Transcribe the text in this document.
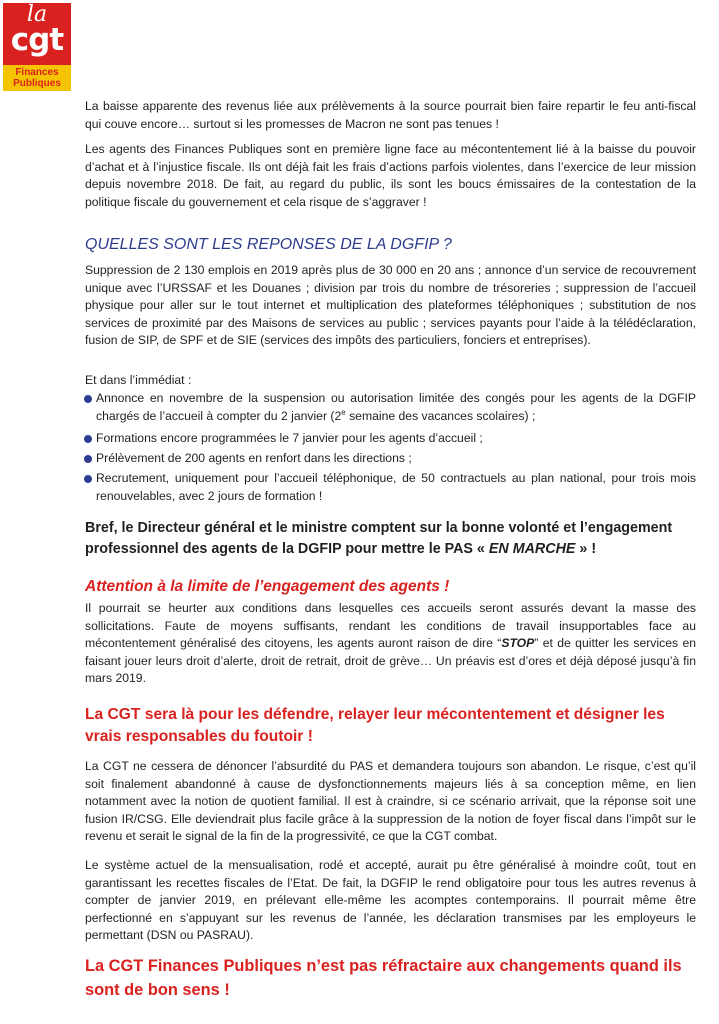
la
cgt
Finances
Publiques
La baisse apparente des revenus liée aux prélèvements à la source pourrait bien faire repartir le feu anti-fiscal qui couve encore… surtout si les promesses de Macron ne sont pas tenues !
Les agents des Finances Publiques sont en première ligne face au mécontentement lié à la baisse du pouvoir d’achat et à l’injustice fiscale. Ils ont déjà fait les frais d’actions parfois violentes, dans l’exercice de leur mission depuis novembre 2018. De fait, au regard du public, ils sont les boucs émissaires de la contestation de la politique fiscale du gouvernement et cela risque de s’aggraver !
QUELLES SONT LES REPONSES DE LA DGFIP ?
Suppression de 2 130 emplois en 2019 après plus de 30 000 en 20 ans ; annonce d’un service de recouvrement unique avec l’URSSAF et les Douanes ; division par trois du nombre de trésoreries ; suppression de l’accueil physique pour aller sur le tout internet et multiplication des plateformes téléphoniques ; substitution de nos services de proximité par des Maisons de services au public ; services payants pour l’aide à la télédéclaration, fusion de SIP, de SPF et de SIE (services des impôts des particuliers, fonciers et entreprises).
Et dans l’immédiat :
Annonce en novembre de la suspension ou autorisation limitée des congés pour les agents de la DGFIP chargés de l’accueil à compter du 2 janvier (2e semaine des vacances scolaires) ;
Formations encore programmées le 7 janvier pour les agents d’accueil ;
Prélèvement de 200 agents en renfort dans les directions ;
Recrutement, uniquement pour l’accueil téléphonique, de 50 contractuels au plan national, pour trois mois renouvelables, avec 2 jours de formation !
Bref, le Directeur général et le ministre comptent sur la bonne volonté et l’engagement professionnel des agents de la DGFIP pour mettre le PAS « EN MARCHE » !
Attention à la limite de l’engagement des agents !
Il pourrait se heurter aux conditions dans lesquelles ces accueils seront assurés devant la masse des sollicitations. Faute de moyens suffisants, rendant les conditions de travail insupportables face au mécontentement généralisé des citoyens, les agents auront raison de dire “STOP” et de quitter les services en faisant jouer leurs droit d’alerte, droit de retrait, droit de grève… Un préavis est d’ores et déjà déposé jusqu’à fin mars 2019.
La CGT sera là pour les défendre, relayer leur mécontentement et désigner les vrais responsables du foutoir !
La CGT ne cessera de dénoncer l’absurdité du PAS et demandera toujours son abandon. Le risque, c’est qu’il soit finalement abandonné à cause de dysfonctionnements majeurs liés à sa conception même, en lien notamment avec la notion de quotient familial. Il est à craindre, si ce scénario arrivait, que la réponse soit une fusion IR/CSG. Elle deviendrait plus facile grâce à la suppression de la notion de foyer fiscal dans l’impôt sur le revenu et serait le signal de la fin de la progressivité, ce que la CGT combat.
Le système actuel de la mensualisation, rodé et accepté, aurait pu être généralisé à moindre coût, tout en garantissant les recettes fiscales de l’Etat. De fait, la DGFIP le rend obligatoire pour tous les autres revenus à compter de janvier 2019, en prélevant elle-même les acomptes contemporains. Il pourrait même être perfectionné en s’appuyant sur les revenus de l’année, les déclaration transmises par les employeurs le permettant (DSN ou PASRAU).
La CGT Finances Publiques n’est pas réfractaire aux changements quand ils sont de bon sens !
